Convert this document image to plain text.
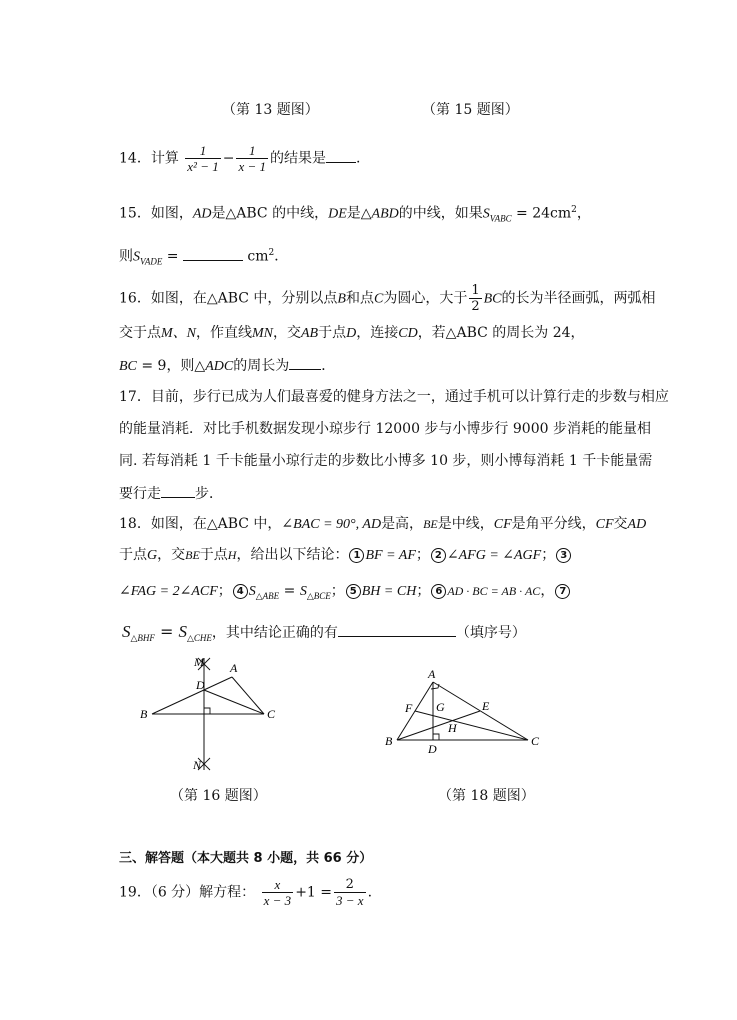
（第 13 题图）	（第 15 题图）
14．计算 $\frac{1}{\text{x² − 1}} - \frac{1}{x - 1}$ 的结果是 .
15．如图，AD是△ABC 的中线，DE是△ABD的中线，如果$S_{VABC} = 24cm^2$，
则$S_{VADE}$ =	$cm^2$．
16．如图，在△ABC 中，分别以点B和点C为圆心，大于 $\frac{1}{2}$ BC的长为半径画弧，两弧相
交于点M、N，作直线MN，交AB于点D，连接CD，若△ABC 的周长为 24，
BC = 9，则△ADC的周长为 ．
17．目前，步行已成为人们最喜爱的健身方法之一，通过手机可以计算行走的步数与相应
的能量消耗．对比手机数据发现小琼步行 12000 步与小博步行 9000 步消耗的能量相
同. 若每消耗 1 千卡能量小琼行走的步数比小博多 10 步，则小博每消耗 1 千卡能量需
要行走 步．
18．如图，在△ABC 中，∠BAC = 90°, AD是高，BE是中线，CF是角平分线，CF交AD
于点G，交BE于点H，给出以下结论： 1 BF = AF； 2 ∠AFG = ∠AGF； 3
∠FAG = 2∠ACF； 4 $S_{\triangle ABE} = S_{\triangle BCE}$； 5 BH = CH； 6 AD · BC = AB · AC， 7
$S_{\triangle BHF} = S_{\triangle CHE}$，其中结论正确的有	（填序号）
M A
D
B	C
N
（第 16 题图）
A
F	E
G
H
B
D
C
（第 18 题图）
三、解答题（本大题共 8 小题，共 66 分）
19．（6 分）解方程： $\frac{x}{x - 3} +1 = \frac{2}{3 - x}$ .
